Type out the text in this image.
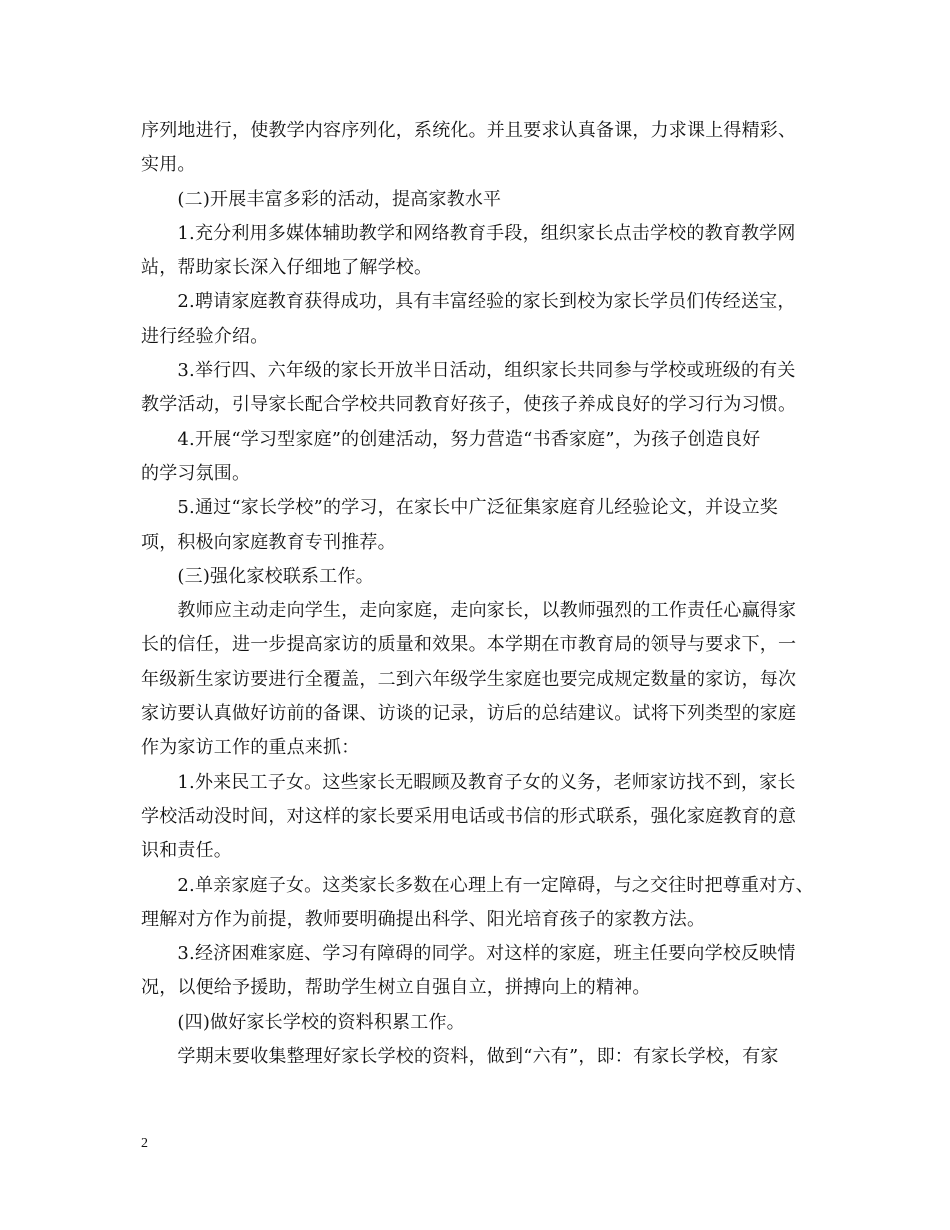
序列地进行，使教学内容序列化，系统化。并且要求认真备课，力求课上得精彩、
实用。

　　(二)开展丰富多彩的活动，提高家教水平

　　1.充分利用多媒体辅助教学和网络教育手段，组织家长点击学校的教育教学网
站，帮助家长深入仔细地了解学校。

　　2.聘请家庭教育获得成功，具有丰富经验的家长到校为家长学员们传经送宝，
进行经验介绍。

　　3.举行四、六年级的家长开放半日活动，组织家长共同参与学校或班级的有关
教学活动，引导家长配合学校共同教育好孩子，使孩子养成良好的学习行为习惯。

　　4.开展“学习型家庭”的创建活动，努力营造“书香家庭”，为孩子创造良好
的学习氛围。

　　5.通过“家长学校”的学习，在家长中广泛征集家庭育儿经验论文，并设立奖
项，积极向家庭教育专刊推荐。

　　(三)强化家校联系工作。

　　教师应主动走向学生，走向家庭，走向家长，以教师强烈的工作责任心赢得家
长的信任，进一步提高家访的质量和效果。本学期在市教育局的领导与要求下，一
年级新生家访要进行全覆盖，二到六年级学生家庭也要完成规定数量的家访，每次
家访要认真做好访前的备课、访谈的记录，访后的总结建议。试将下列类型的家庭
作为家访工作的重点来抓：

　　1.外来民工子女。这些家长无暇顾及教育子女的义务，老师家访找不到，家长
学校活动没时间，对这样的家长要采用电话或书信的形式联系，强化家庭教育的意
识和责任。

　　2.单亲家庭子女。这类家长多数在心理上有一定障碍，与之交往时把尊重对方、
理解对方作为前提，教师要明确提出科学、阳光培育孩子的家教方法。

　　3.经济困难家庭、学习有障碍的同学。对这样的家庭，班主任要向学校反映情
况，以便给予援助，帮助学生树立自强自立，拼搏向上的精神。

　　(四)做好家长学校的资料积累工作。

　　学期末要收集整理好家长学校的资料，做到“六有”，即：有家长学校，有家

2
